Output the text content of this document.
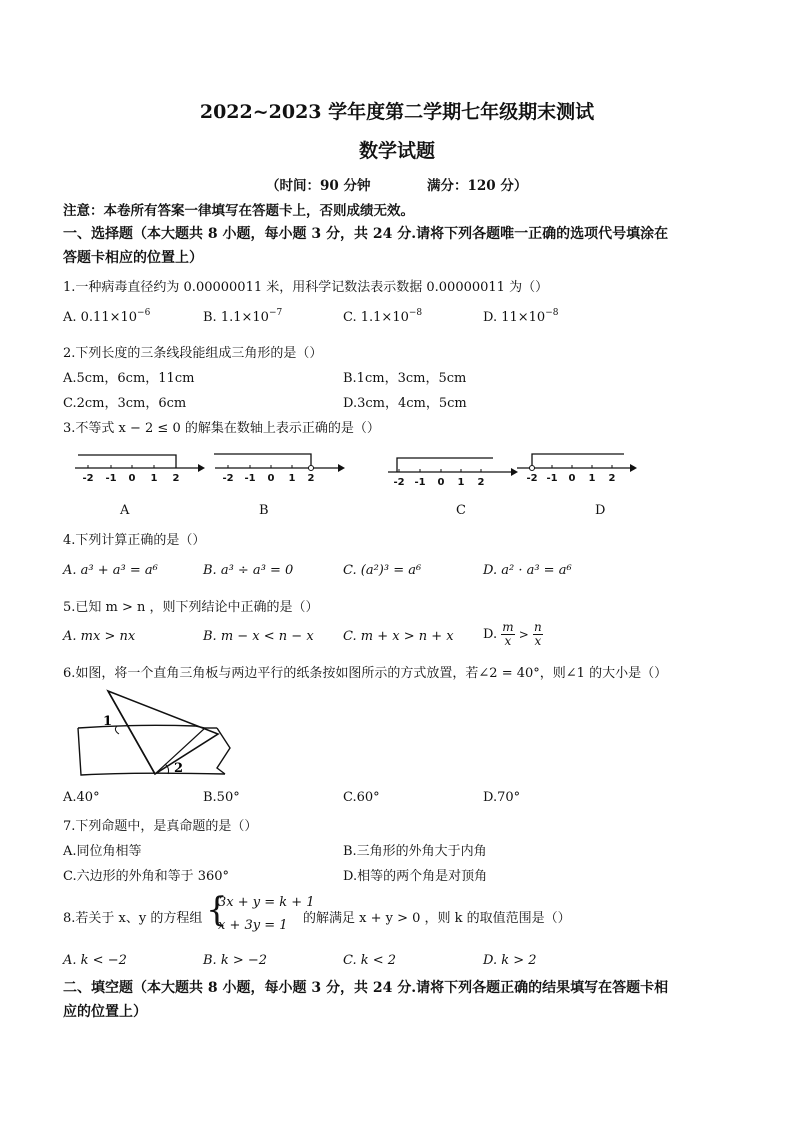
2022~2023 学年度第二学期七年级期末测试
数学试题
（时间：90 分钟	满分：120 分）
注意：本卷所有答案一律填写在答题卡上，否则成绩无效。
一、选择题（本大题共 8 小题，每小题 3 分，共 24 分.请将下列各题唯一正确的选项代号填涂在
答题卡相应的位置上）
1.一种病毒直径约为 0.00000011 米，用科学记数法表示数据 0.00000011 为（）
A. $0.11\times 10^{-6}$	B. $1.1\times 10^{-7}$	C. $1.1\times 10^{-8}$	D. $11\times 10^{-8}$
2.下列长度的三条线段能组成三角形的是（）
A.5cm，6cm，11cm	B.1cm，3cm，5cm
C.2cm，3cm，6cm	D.3cm，4cm，5cm
3.不等式 x − 2 ≤ 0 的解集在数轴上表示正确的是（）
-2 -1 0 1 2	-2 -1 0 1 2	-2 -1 0 1 2	-2 -1 0 1 2
A	B	C	D
4.下列计算正确的是（）
A. a³ + a³ = a⁶	B. a³ ÷ a³ = 0	C. (a²)³ = a⁶	D. a² · a³ = a⁶
5.已知 m > n ，则下列结论中正确的是（）
A. mx > nx	B. m − x < n − x C. m + x > n + x D. $\frac{m}{x} > \frac{n}{x}$
6.如图，将一个直角三角板与两边平行的纸条按如图所示的方式放置，若∠2 = 40°，则∠1 的大小是（）
1
2
A.40°	B.50°	C.60°	D.70°
7.下列命题中，是真命题的是（）
A.同位角相等	B.三角形的外角大于内角
C.六边形的外角和等于 360°	D.相等的两个角是对顶角
8.若关于 x、y 的方程组 {
3x + y = k + 1
x + 3y = 1 的解满足 x + y > 0 ，则 k 的取值范围是（）
A. k < −2	B. k > −2	C. k < 2	D. k > 2
二、填空题（本大题共 8 小题，每小题 3 分，共 24 分.请将下列各题正确的结果填写在答题卡相
应的位置上）
